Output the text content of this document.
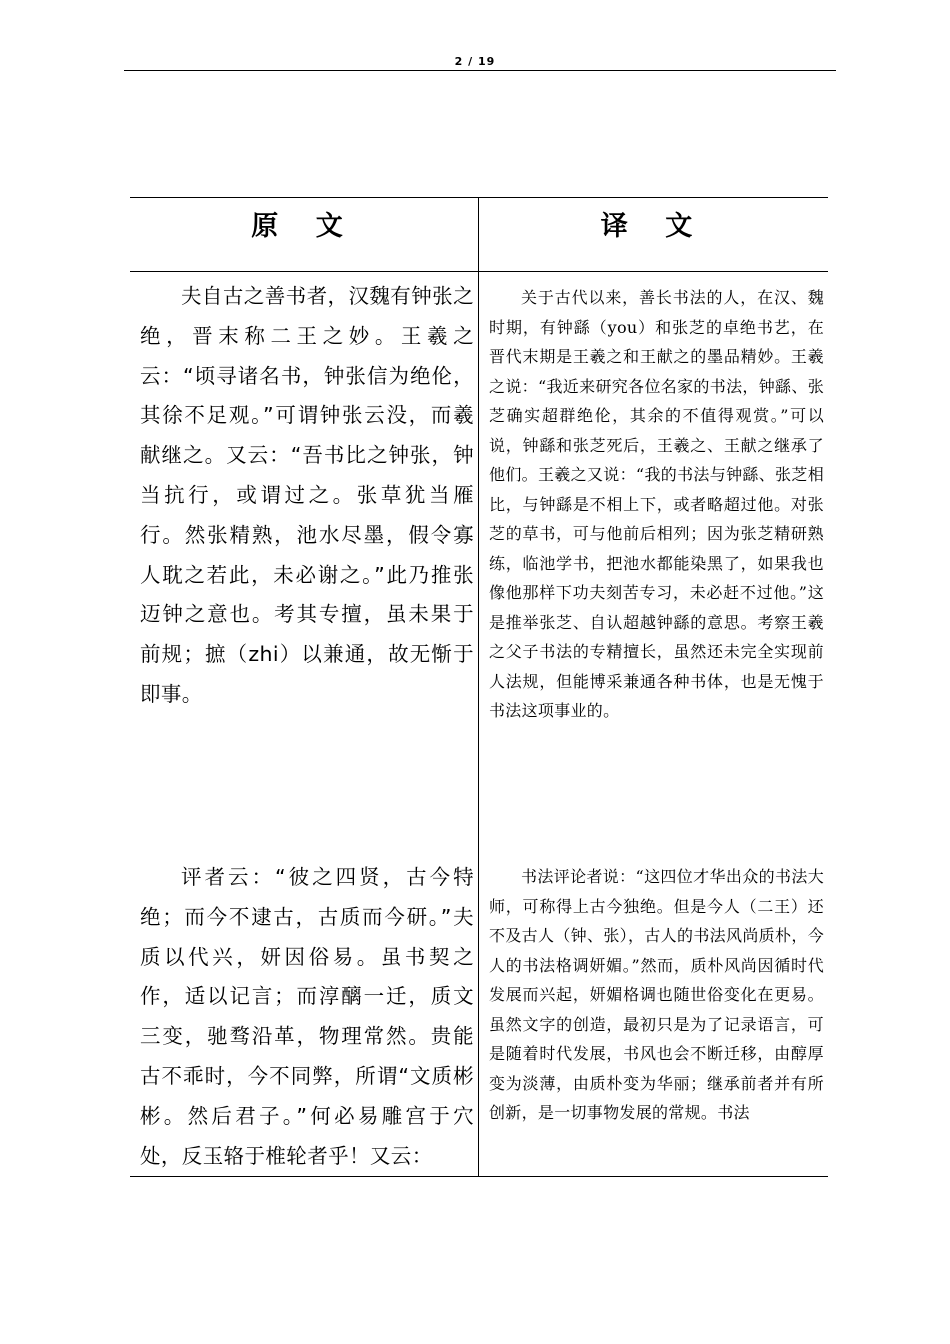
2 / 19
原 文	译 文

夫自古之善书者，汉魏有钟张之绝，晋末称二王之妙。王羲之云：“顷寻诸名书，钟张信为绝伦，其徐不足观。”可谓钟张云没，而羲献继之。又云：“吾书比之钟张，钟当抗行，或谓过之。张草犹当雁行。然张精熟，池水尽墨，假令寡人耽之若此，未必谢之。”此乃推张迈钟之意也。考其专擅，虽未果于前规；摭（zhi）以兼通，故无惭于即事。	关于古代以来，善长书法的人，在汉、魏时期，有钟繇（you）和张芝的卓绝书艺，在晋代末期是王羲之和王献之的墨品精妙。王羲之说：“我近来研究各位名家的书法，钟繇、张芝确实超群绝伦，其余的不值得观赏。”可以说，钟繇和张芝死后，王羲之、王献之继承了他们。王羲之又说：“我的书法与钟繇、张芝相比，与钟繇是不相上下，或者略超过他。对张芝的草书，可与他前后相列；因为张芝精研熟练，临池学书，把池水都能染黑了，如果我也像他那样下功夫刻苦专习，未必赶不过他。”这是推举张芝、自认超越钟繇的意思。考察王羲之父子书法的专精擅长，虽然还未完全实现前人法规，但能博采兼通各种书体，也是无愧于书法这项事业的。

评者云：“彼之四贤，古今特绝；而今不逮古，古质而今研。”夫质以代兴，妍因俗易。虽书契之作，适以记言；而淳醨一迁，质文三变，驰骛沿革，物理常然。贵能古不乖时，今不同弊，所谓“文质彬彬。然后君子。”何必易雕宫于穴处，反玉辂于椎轮者乎！又云：	书法评论者说：“这四位才华出众的书法大师，可称得上古今独绝。但是今人（二王）还不及古人（钟、张），古人的书法风尚质朴，今人的书法格调妍媚。”然而，质朴风尚因循时代发展而兴起，妍媚格调也随世俗变化在更易。虽然文字的创造，最初只是为了记录语言，可是随着时代发展，书风也会不断迁移，由醇厚变为淡薄，由质朴变为华丽；继承前者并有所创新，是一切事物发展的常规。书法
